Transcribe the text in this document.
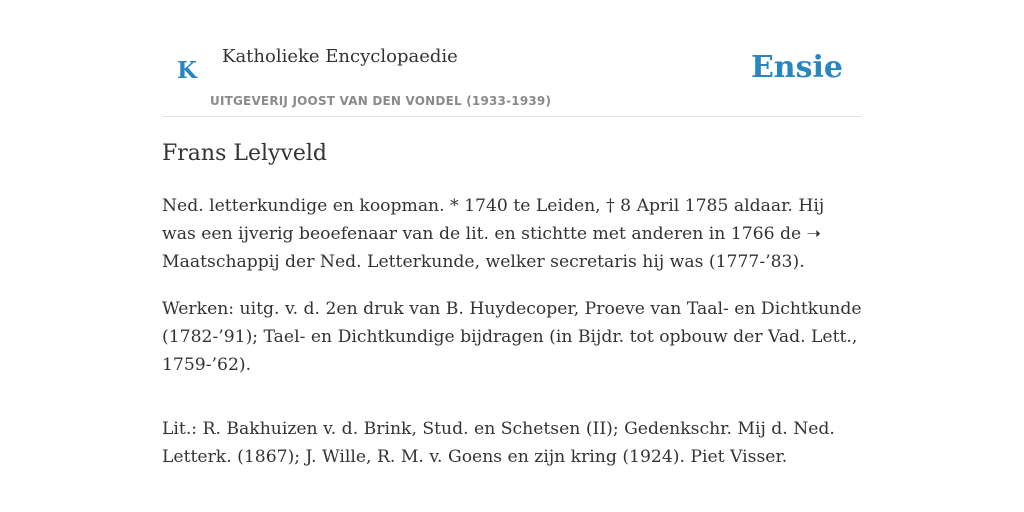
K
Katholieke Encyclopaedie
UITGEVERIJ JOOST VAN DEN VONDEL (1933-1939)
Ensie
Frans Lelyveld

Ned. letterkundige en koopman. * 1740 te Leiden, † 8 April 1785 aldaar. Hij was een ijverig beoefenaar van de lit. en stichtte met anderen in 1766 de ➝ Maatschappij der Ned. Letterkunde, welker secretaris hij was (1777-’83).

Werken: uitg. v. d. 2en druk van B. Huydecoper, Proeve van Taal- en Dichtkunde (1782-’91); Tael- en Dichtkundige bijdragen (in Bijdr. tot opbouw der Vad. Lett., 1759-’62).

Lit.: R. Bakhuizen v. d. Brink, Stud. en Schetsen (II); Gedenkschr. Mij d. Ned. Letterk. (1867); J. Wille, R. M. v. Goens en zijn kring (1924). Piet Visser.
